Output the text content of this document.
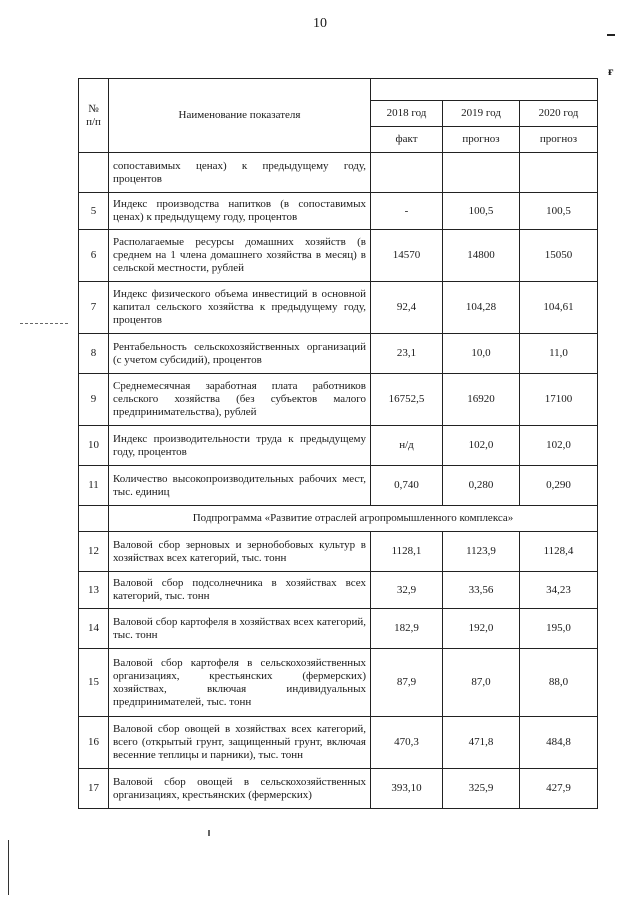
10
ғ
№ п/п	Наименование показателя			
		2018 год	2019 год	2020 год
		факт	прогноз	прогноз
	сопоставимых ценах) к предыдущему году, процентов			
5	Индекс производства напитков (в сопоставимых ценах) к предыдущему году, процентов	-	100,5	100,5
6	Располагаемые ресурсы домашних хозяйств (в среднем на 1 члена домашнего хозяйства в месяц) в сельской местности, рублей	14570	14800	15050
7	Индекс физического объема инвестиций в основной капитал сельского хозяйства к предыдущему году, процентов	92,4	104,28	104,61
8	Рентабельность сельскохозяйственных организаций (с учетом субсидий), процентов	23,1	10,0	11,0
9	Среднемесячная заработная плата работников сельского хозяйства (без субъектов малого предпринимательства), рублей	16752,5	16920	17100
10	Индекс производительности труда к предыдущему году, процентов	н/д	102,0	102,0
11	Количество высокопроизводительных рабочих мест, тыс. единиц	0,740	0,280	0,290
	Подпрограмма «Развитие отраслей агропромышленного комплекса»			
12	Валовой сбор зерновых и зернобобовых культур в хозяйствах всех категорий, тыс. тонн	1128,1	1123,9	1128,4
13	Валовой сбор подсолнечника в хозяйствах всех категорий, тыс. тонн	32,9	33,56	34,23
14	Валовой сбор картофеля в хозяйствах всех категорий, тыс. тонн	182,9	192,0	195,0
15	Валовой сбор картофеля в сельскохозяйственных организациях, крестьянских (фермерских) хозяйствах, включая индивидуальных предпринимателей, тыс. тонн	87,9	87,0	88,0
16	Валовой сбор овощей в хозяйствах всех категорий, всего (открытый грунт, защищенный грунт, включая весенние теплицы и парники), тыс. тонн	470,3	471,8	484,8
17	Валовой сбор овощей в сельскохозяйственных организациях, крестьянских (фермерских)	393,10	325,9	427,9
